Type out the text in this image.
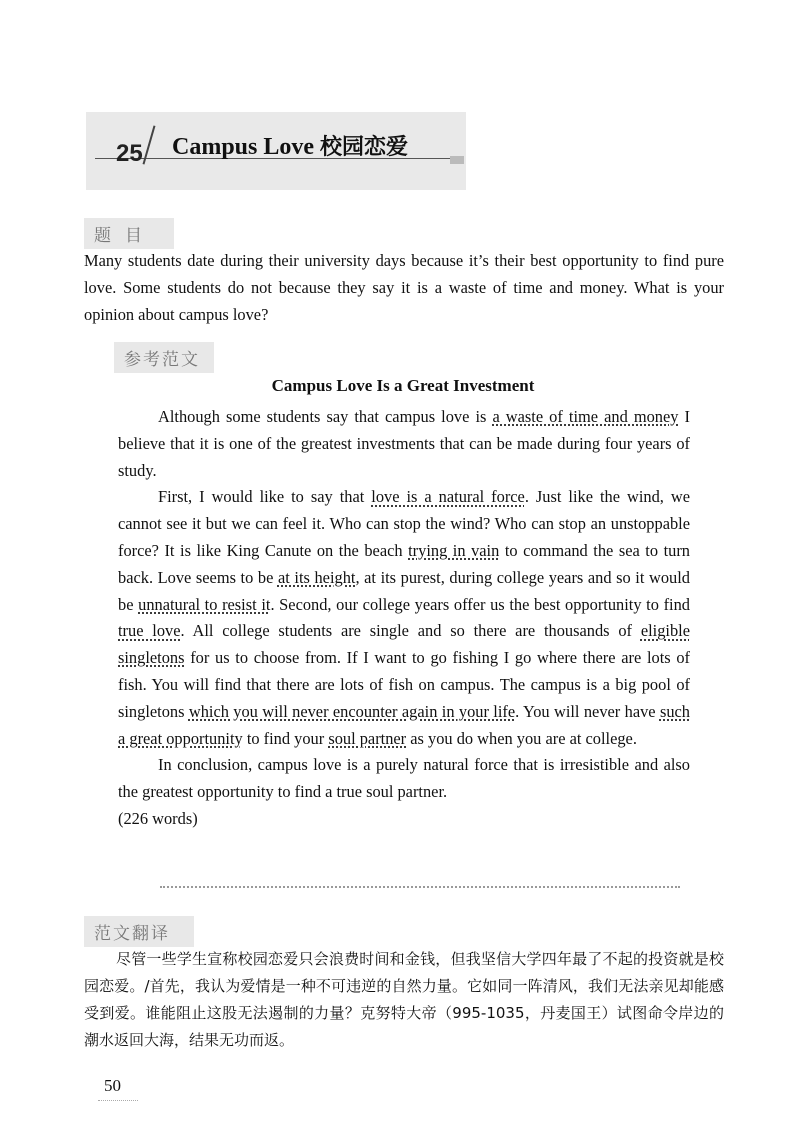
25 Campus Love 校园恋爱
题目
Many students date during their university days because it’s their best opportunity to find pure love. Some students do not because they say it is a waste of time and money. What is your opinion about campus love?
参考范文
Campus Love Is a Great Investment

Although some students say that campus love is a waste of time and money I believe that it is one of the greatest investments that can be made during four years of study.

First, I would like to say that love is a natural force. Just like the wind, we cannot see it but we can feel it. Who can stop the wind? Who can stop an unstoppable force? It is like King Canute on the beach trying in vain to command the sea to turn back. Love seems to be at its height, at its purest, during college years and so it would be unnatural to resist it. Second, our college years offer us the best opportunity to find true love. All college students are single and so there are thousands of eligible singletons for us to choose from. If I want to go fishing I go where there are lots of fish. You will find that there are lots of fish on campus. The campus is a big pool of singletons which you will never encounter again in your life. You will never have such a great opportunity to find your soul partner as you do when you are at college.

In conclusion, campus love is a purely natural force that is irresistible and also the greatest opportunity to find a true soul partner.

(226 words)

范文翻译

尽管一些学生宣称校园恋爱只会浪费时间和金钱，但我坚信大学四年最了不起的投资就是校园恋爱。/首先，我认为爱情是一种不可违逆的自然力量。它如同一阵清风，我们无法亲见却能感受到爱。谁能阻止这股无法遏制的力量？克努特大帝（995-1035，丹麦国王）试图命令岸边的潮水返回大海，结果无功而返。

50
